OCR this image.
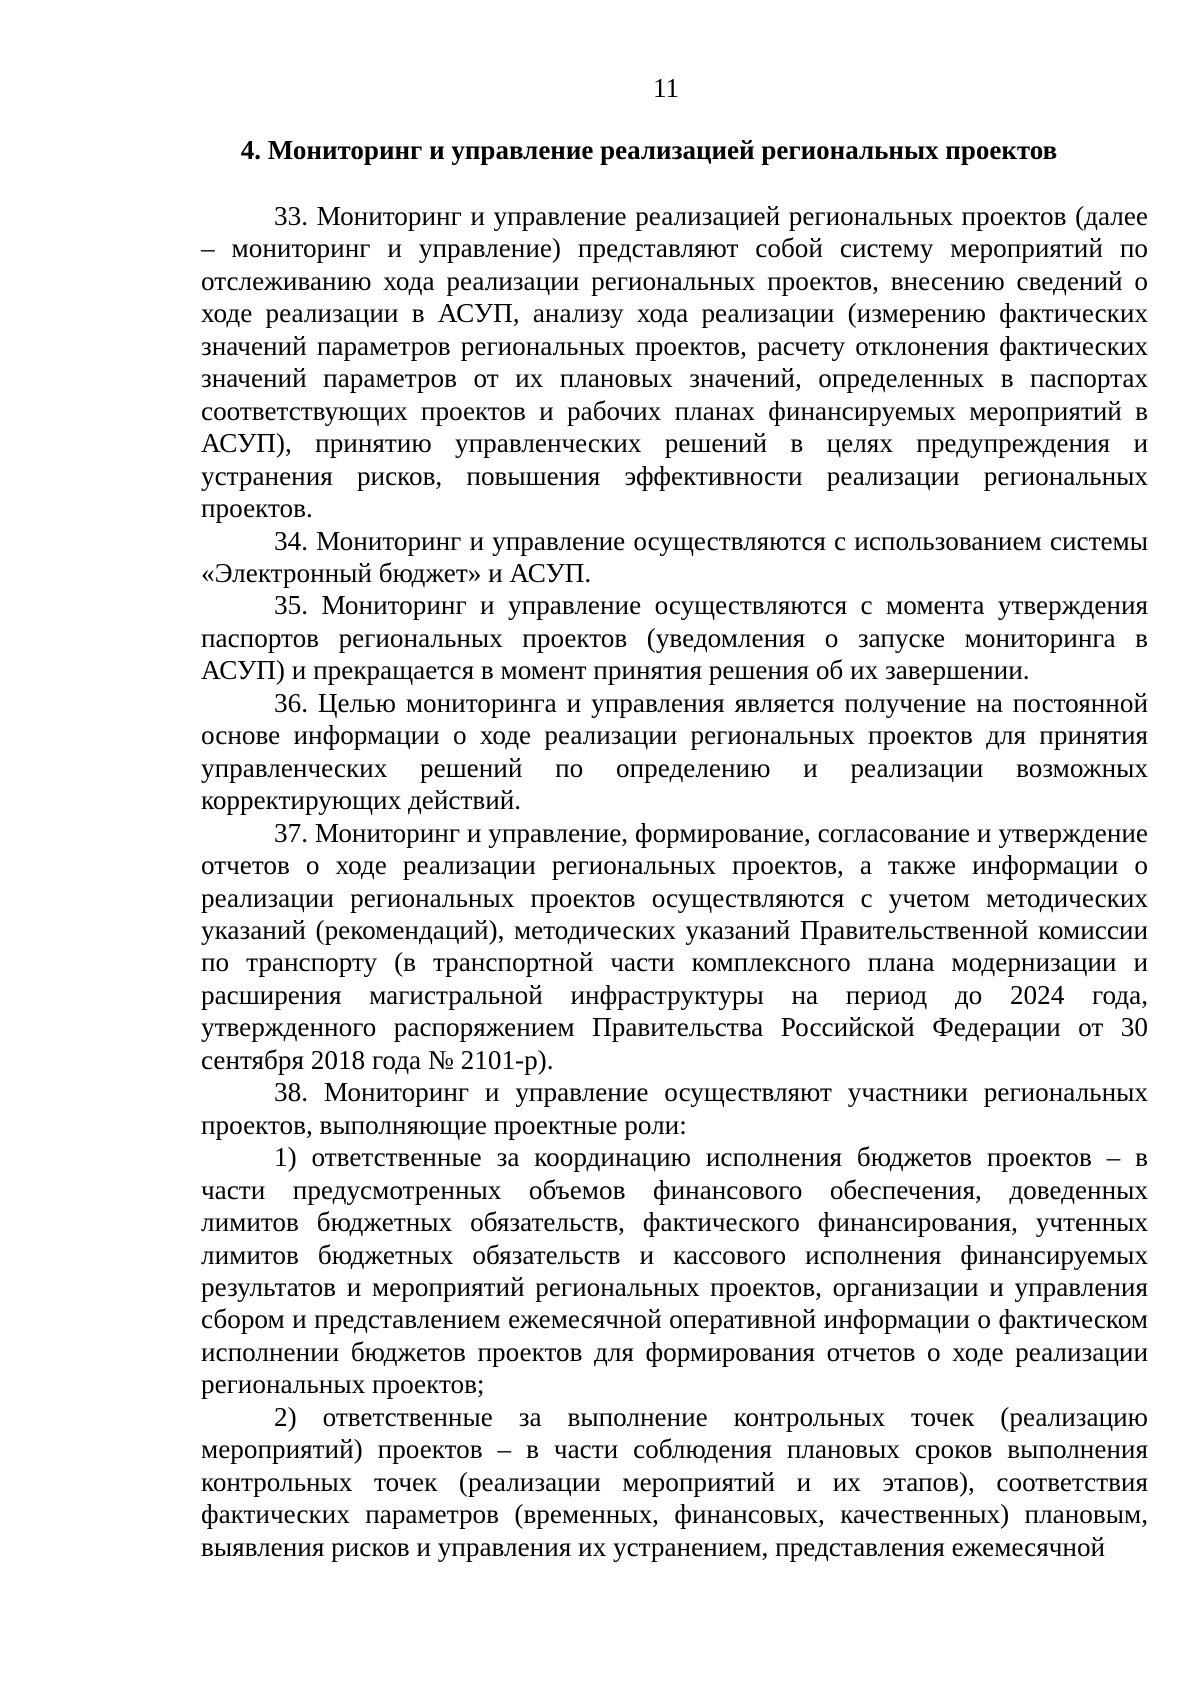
11
4. Мониторинг и управление реализацией региональных проектов

33. Мониторинг и управление реализацией региональных проектов (далее – мониторинг и управление) представляют собой систему мероприятий по отслеживанию хода реализации региональных проектов, внесению сведений о ходе реализации в АСУП, анализу хода реализации (измерению фактических значений параметров региональных проектов, расчету отклонения фактических значений параметров от их плановых значений, определенных в паспортах соответствующих проектов и рабочих планах финансируемых мероприятий в АСУП), принятию управленческих решений в целях предупреждения и устранения рисков, повышения эффективности реализации региональных проектов.

34. Мониторинг и управление осуществляются с использованием системы «Электронный бюджет» и АСУП.

35. Мониторинг и управление осуществляются с момента утверждения паспортов региональных проектов (уведомления о запуске мониторинга в АСУП) и прекращается в момент принятия решения об их завершении.

36. Целью мониторинга и управления является получение на постоянной основе информации о ходе реализации региональных проектов для принятия управленческих решений по определению и реализации возможных корректирующих действий.

37. Мониторинг и управление, формирование, согласование и утверждение отчетов о ходе реализации региональных проектов, а также информации о реализации региональных проектов осуществляются с учетом методических указаний (рекомендаций), методических указаний Правительственной комиссии по транспорту (в транспортной части комплексного плана модернизации и расширения магистральной инфраструктуры на период до 2024 года, утвержденного распоряжением Правительства Российской Федерации от 30 сентября 2018 года № 2101-р).

38. Мониторинг и управление осуществляют участники региональных проектов, выполняющие проектные роли:

1) ответственные за координацию исполнения бюджетов проектов – в части предусмотренных объемов финансового обеспечения, доведенных лимитов бюджетных обязательств, фактического финансирования, учтенных лимитов бюджетных обязательств и кассового исполнения финансируемых результатов и мероприятий региональных проектов, организации и управления сбором и представлением ежемесячной оперативной информации о фактическом исполнении бюджетов проектов для формирования отчетов о ходе реализации региональных проектов;

2) ответственные за выполнение контрольных точек (реализацию мероприятий) проектов – в части соблюдения плановых сроков выполнения контрольных точек (реализации мероприятий и их этапов), соответствия фактических параметров (временных, финансовых, качественных) плановым, выявления рисков и управления их устранением, представления ежемесячной
